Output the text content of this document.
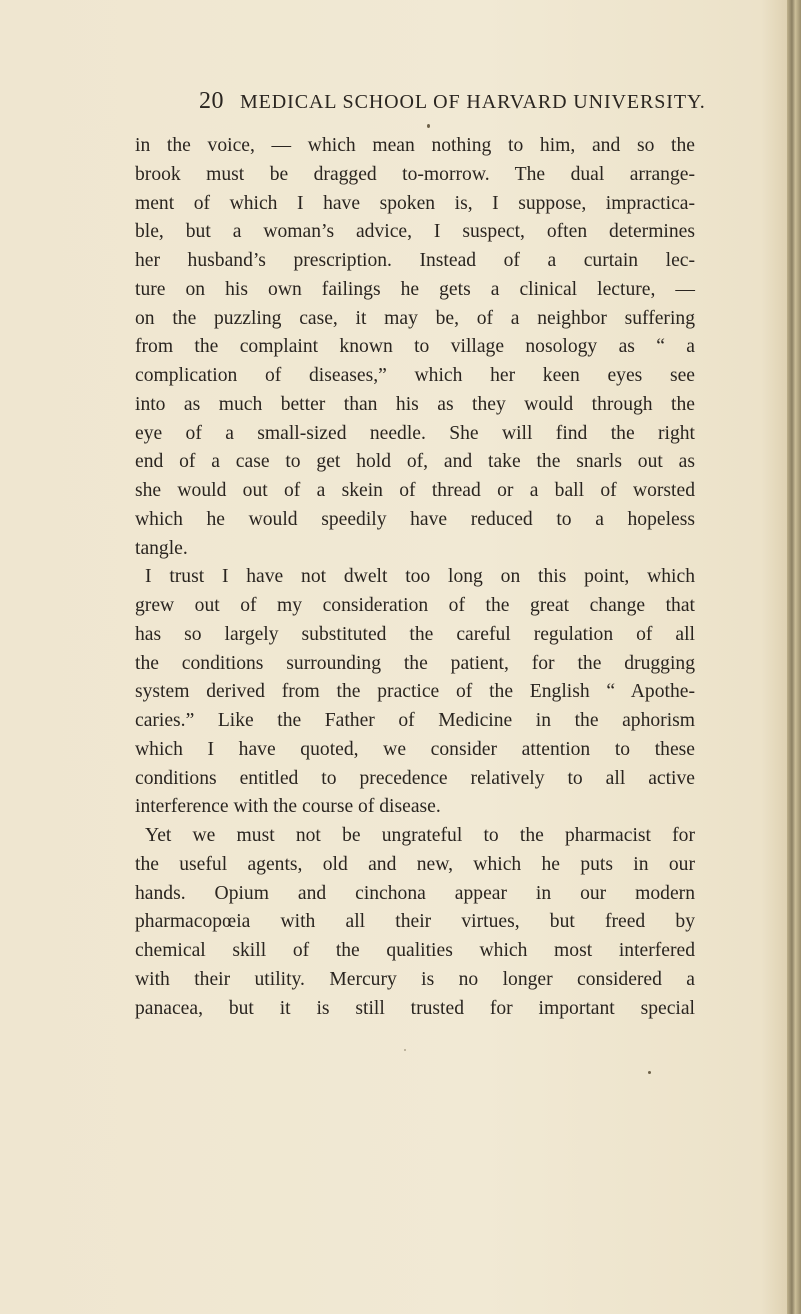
20 MEDICAL SCHOOL OF HARVARD UNIVERSITY.
in the voice, — which mean nothing to him, and so the
brook must be dragged to-morrow. The dual arrange-
ment of which I have spoken is, I suppose, impractica-
ble, but a woman’s advice, I suspect, often determines
her husband’s prescription. Instead of a curtain lec-
ture on his own failings he gets a clinical lecture, —
on the puzzling case, it may be, of a neighbor suffering
from the complaint known to village nosology as “ a
complication of diseases,” which her keen eyes see
into as much better than his as they would through the
eye of a small-sized needle. She will find the right
end of a case to get hold of, and take the snarls out as
she would out of a skein of thread or a ball of worsted
which he would speedily have reduced to a hopeless
tangle.
I trust I have not dwelt too long on this point, which
grew out of my consideration of the great change that
has so largely substituted the careful regulation of all
the conditions surrounding the patient, for the drugging
system derived from the practice of the English “ Apothe-
caries.” Like the Father of Medicine in the aphorism
which I have quoted, we consider attention to these
conditions entitled to precedence relatively to all active
interference with the course of disease.
Yet we must not be ungrateful to the pharmacist for
the useful agents, old and new, which he puts in our
hands. Opium and cinchona appear in our modern
pharmacopœia with all their virtues, but freed by
chemical skill of the qualities which most interfered
with their utility. Mercury is no longer considered a
panacea, but it is still trusted for important special
